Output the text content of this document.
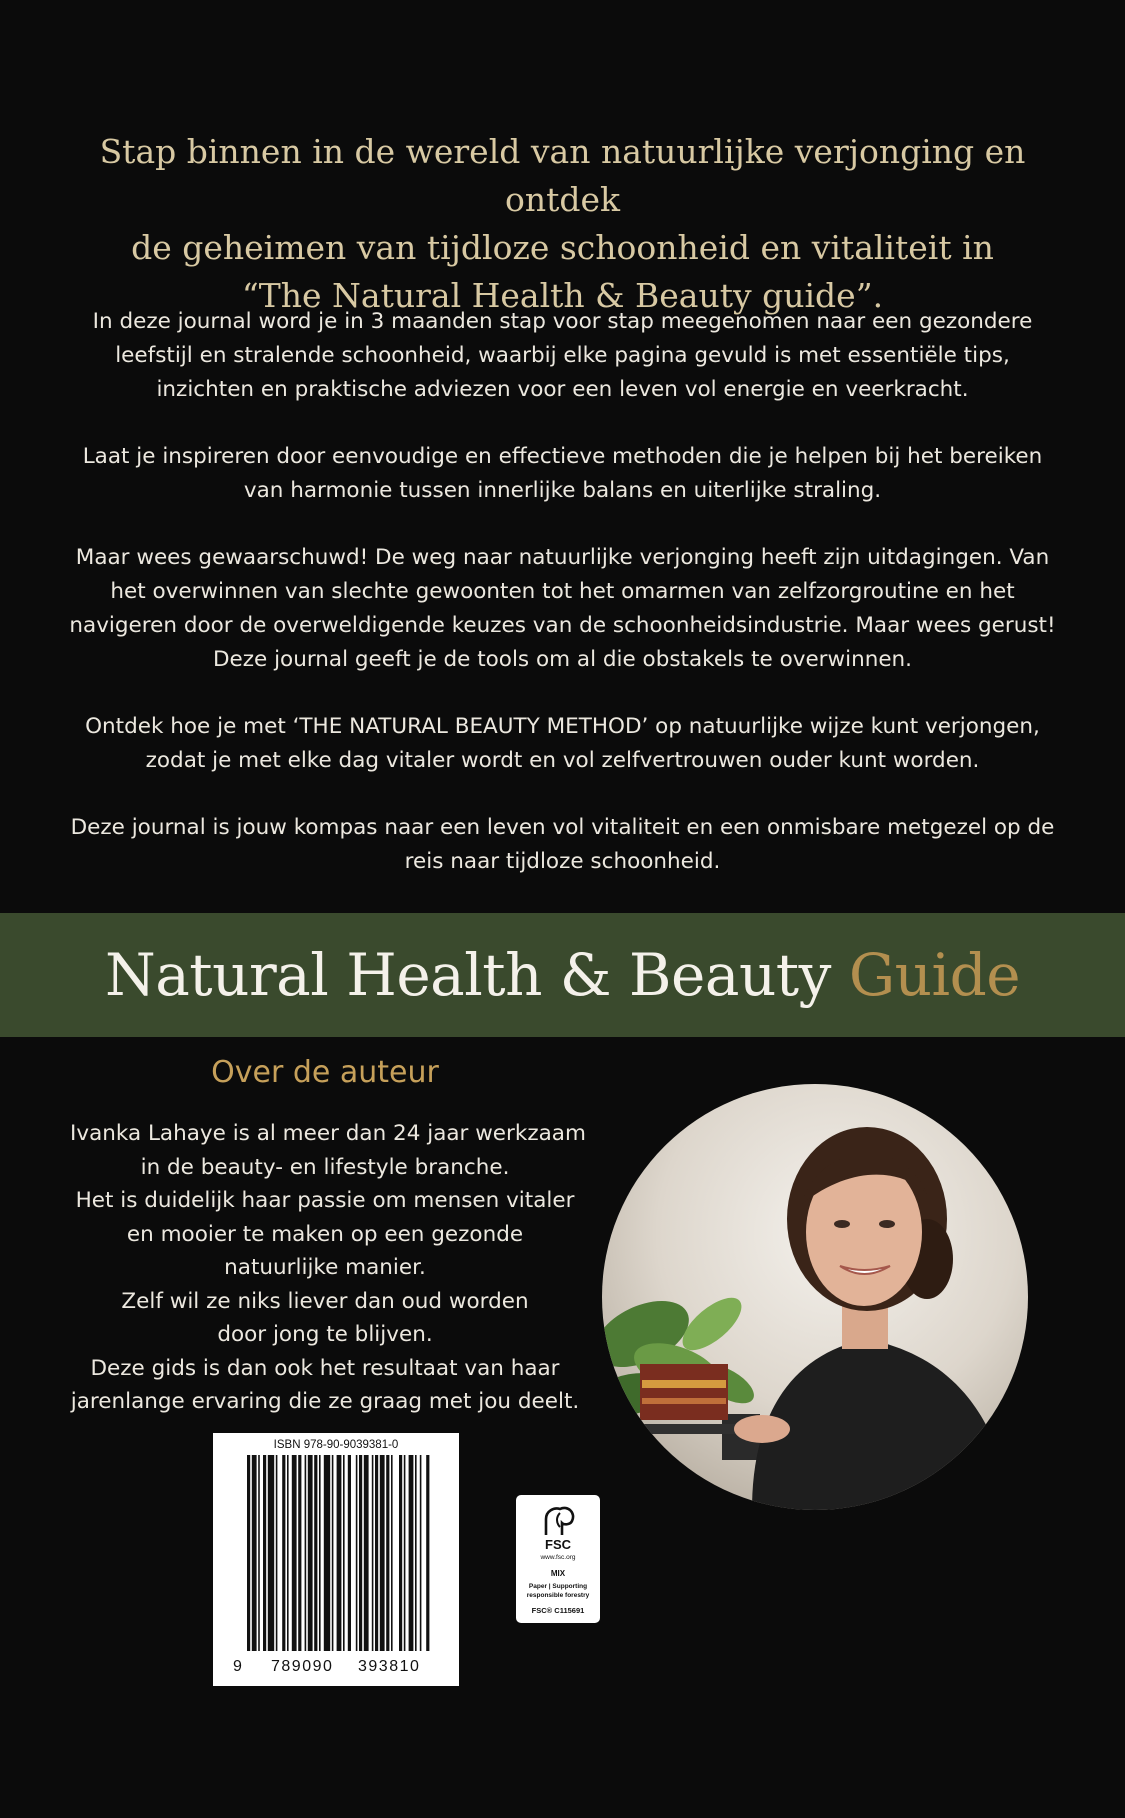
Stap binnen in de wereld van natuurlijke verjonging en ontdek
de geheimen van tijdloze schoonheid en vitaliteit in
“The Natural Health & Beauty guide”.

In deze journal word je in 3 maanden stap voor stap meegenomen naar een gezondere
leefstijl en stralende schoonheid, waarbij elke pagina gevuld is met essentiële tips,
inzichten en praktische adviezen voor een leven vol energie en veerkracht.

Laat je inspireren door eenvoudige en effectieve methoden die je helpen bij het bereiken
van harmonie tussen innerlijke balans en uiterlijke straling.

Maar wees gewaarschuwd! De weg naar natuurlijke verjonging heeft zijn uitdagingen. Van
het overwinnen van slechte gewoonten tot het omarmen van zelfzorgroutine en het
navigeren door de overweldigende keuzes van de schoonheidsindustrie. Maar wees gerust!
Deze journal geeft je de tools om al die obstakels te overwinnen.

Ontdek hoe je met ‘THE NATURAL BEAUTY METHOD’ op natuurlijke wijze kunt verjongen,
zodat je met elke dag vitaler wordt en vol zelfvertrouwen ouder kunt worden.

Deze journal is jouw kompas naar een leven vol vitaliteit en een onmisbare metgezel op de
reis naar tijdloze schoonheid.

Natural Health & Beauty Guide
Over de auteur
Ivanka Lahaye is al meer dan 24 jaar werkzaam
in de beauty- en lifestyle branche.
Het is duidelijk haar passie om mensen vitaler
en mooier te maken op een gezonde
natuurlijke manier.
Zelf wil ze niks liever dan oud worden
door jong te blijven.
Deze gids is dan ook het resultaat van haar
jarenlange ervaring die ze graag met jou deelt.
ISBN 978-90-9039381-0
9 789090 393810
FSC
www.fsc.org
MIX
Paper | Supporting
responsible forestry
FSC® C115691
